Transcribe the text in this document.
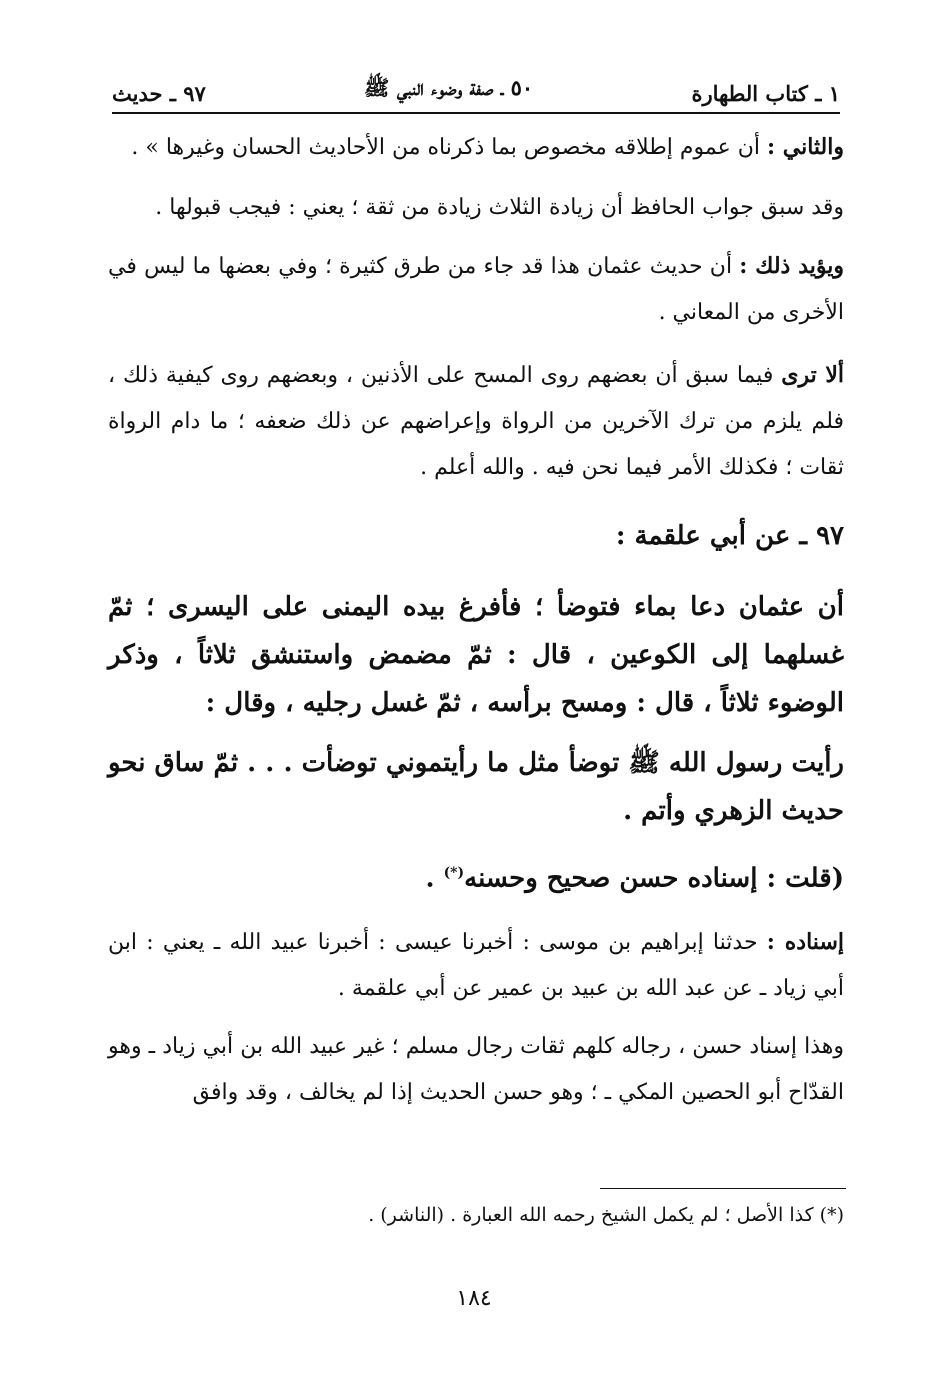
١ ـ كتاب الطهارة
٥٠ ـ صفة وضوء النبي ﷺ
٩٧ ـ حديث

والثاني : أن عموم إطلاقه مخصوص بما ذكرناه من الأحاديث الحسان وغيرها » .

وقد سبق جواب الحافظ أن زيادة الثلاث زيادة من ثقة ؛ يعني : فيجب قبولها .

ويؤيد ذلك : أن حديث عثمان هذا قد جاء من طرق كثيرة ؛ وفي بعضها ما ليس في الأخرى من المعاني .

ألا ترى فيما سبق أن بعضهم روى المسح على الأذنين ، وبعضهم روى كيفية ذلك ، فلم يلزم من ترك الآخرين من الرواة وإعراضهم عن ذلك ضعفه ؛ ما دام الرواة ثقات ؛ فكذلك الأمر فيما نحن فيه . والله أعلم .

٩٧ ـ عن أبي علقمة :

أن عثمان دعا بماء فتوضأ ؛ فأفرغ بيده اليمنى على اليسرى ؛ ثمّ غسلهما إلى الكوعين ، قال : ثمّ مضمض واستنشق ثلاثاً ، وذكر الوضوء ثلاثاً ، قال : ومسح برأسه ، ثمّ غسل رجليه ، وقال :

رأيت رسول الله ﷺ توضأ مثل ما رأيتموني توضأت . . . ثمّ ساق نحو حديث الزهري وأتم .

(قلت : إسناده حسن صحيح وحسنه(*) .

إسناده : حدثنا إبراهيم بن موسى : أخبرنا عيسى : أخبرنا عبيد الله ـ يعني : ابن أبي زياد ـ عن عبد الله بن عبيد بن عمير عن أبي علقمة .

وهذا إسناد حسن ، رجاله كلهم ثقات رجال مسلم ؛ غير عبيد الله بن أبي زياد ـ وهو القدّاح أبو الحصين المكي ـ ؛ وهو حسن الحديث إذا لم يخالف ، وقد وافق

(*) كذا الأصل ؛ لم يكمل الشيخ رحمه الله العبارة . (الناشر) .
١٨٤
